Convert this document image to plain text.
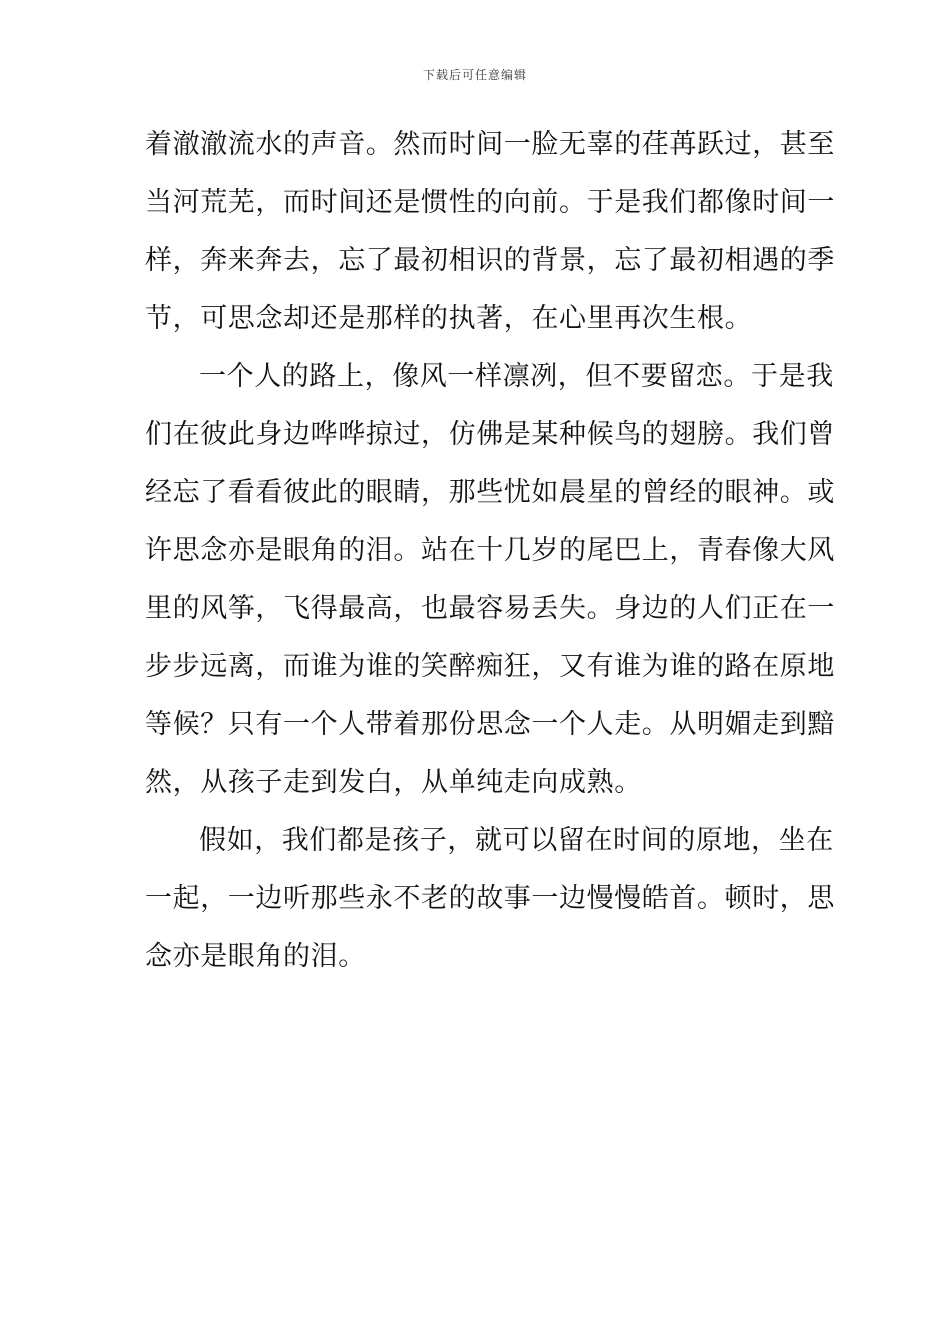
下载后可任意编辑
着澈澈流水的声音。然而时间一脸无辜的荏苒跃过，甚至
当河荒芜，而时间还是惯性的向前。于是我们都像时间一
样，奔来奔去，忘了最初相识的背景，忘了最初相遇的季
节，可思念却还是那样的执著，在心里再次生根。
一个人的路上，像风一样凛冽，但不要留恋。于是我
们在彼此身边哗哗掠过，仿佛是某种候鸟的翅膀。我们曾
经忘了看看彼此的眼睛，那些忧如晨星的曾经的眼神。或
许思念亦是眼角的泪。站在十几岁的尾巴上，青春像大风
里的风筝，飞得最高，也最容易丢失。身边的人们正在一
步步远离，而谁为谁的笑醉痴狂，又有谁为谁的路在原地
等候？只有一个人带着那份思念一个人走。从明媚走到黯
然，从孩子走到发白，从单纯走向成熟。
假如，我们都是孩子，就可以留在时间的原地，坐在
一起，一边听那些永不老的故事一边慢慢皓首。顿时，思
念亦是眼角的泪。
